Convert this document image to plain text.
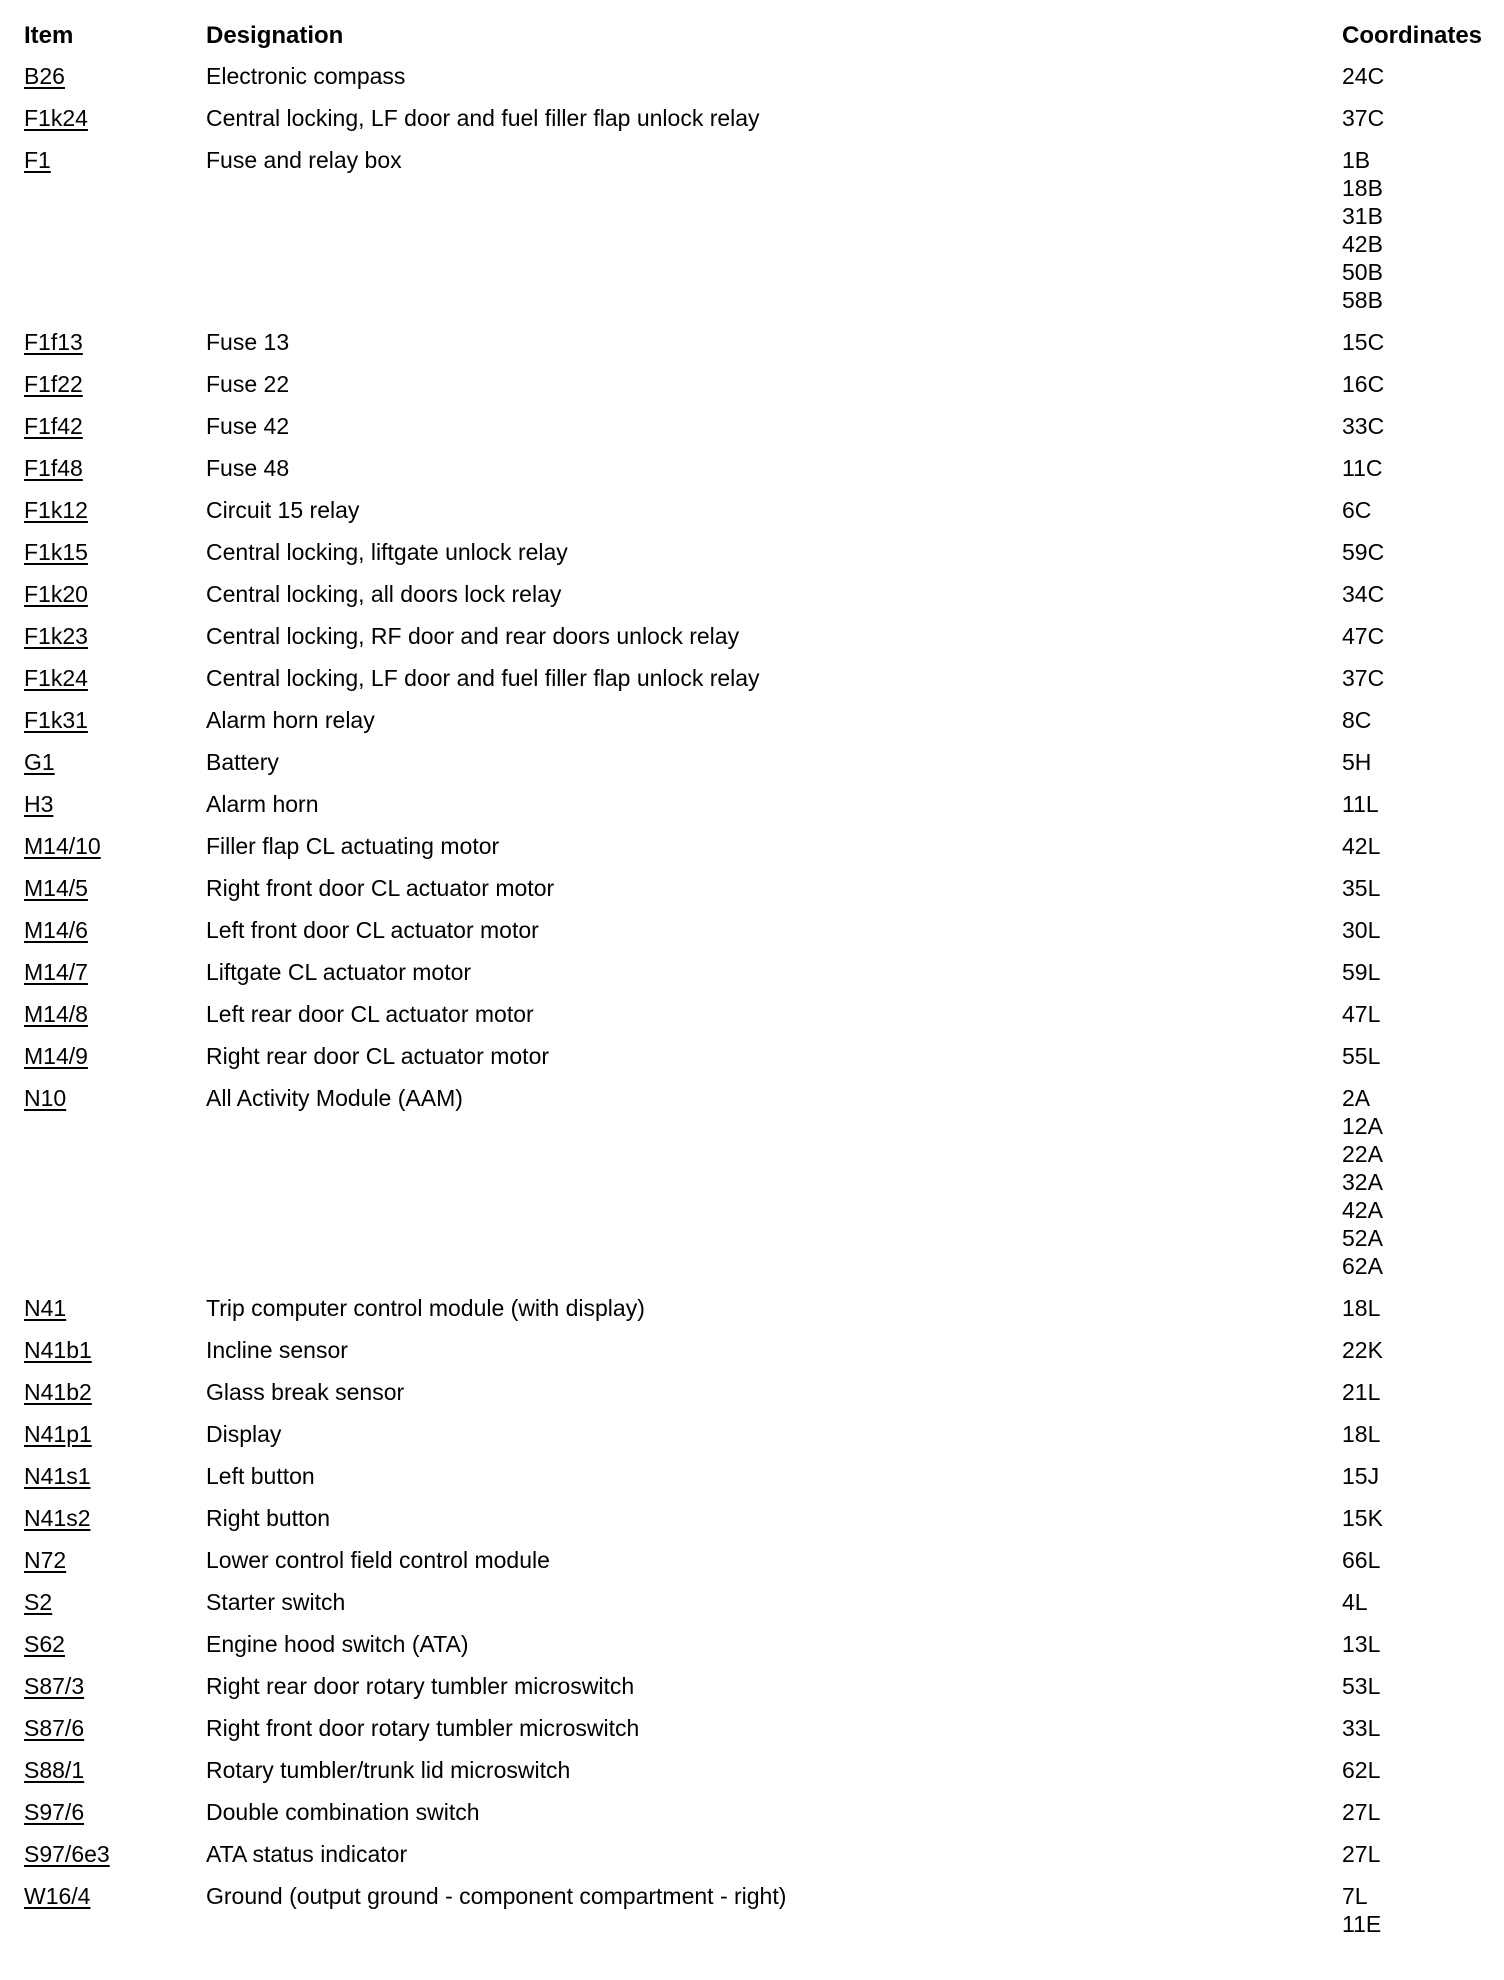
Item	Designation	Coordinates
B26	Electronic compass	24C
F1k24	Central locking, LF door and fuel filler flap unlock relay	37C
F1	Fuse and relay box	1B
18B
31B
42B
50B
58B
F1f13	Fuse 13	15C
F1f22	Fuse 22	16C
F1f42	Fuse 42	33C
F1f48	Fuse 48	11C
F1k12	Circuit 15 relay	6C
F1k15	Central locking, liftgate unlock relay	59C
F1k20	Central locking, all doors lock relay	34C
F1k23	Central locking, RF door and rear doors unlock relay	47C
F1k24	Central locking, LF door and fuel filler flap unlock relay	37C
F1k31	Alarm horn relay	8C
G1	Battery	5H
H3	Alarm horn	11L
M14/10	Filler flap CL actuating motor	42L
M14/5	Right front door CL actuator motor	35L
M14/6	Left front door CL actuator motor	30L
M14/7	Liftgate CL actuator motor	59L
M14/8	Left rear door CL actuator motor	47L
M14/9	Right rear door CL actuator motor	55L
N10	All Activity Module (AAM)	2A
12A
22A
32A
42A
52A
62A
N41	Trip computer control module (with display)	18L
N41b1	Incline sensor	22K
N41b2	Glass break sensor	21L
N41p1	Display	18L
N41s1	Left button	15J
N41s2	Right button	15K
N72	Lower control field control module	66L
S2	Starter switch	4L
S62	Engine hood switch (ATA)	13L
S87/3	Right rear door rotary tumbler microswitch	53L
S87/6	Right front door rotary tumbler microswitch	33L
S88/1	Rotary tumbler/trunk lid microswitch	62L
S97/6	Double combination switch	27L
S97/6e3	ATA status indicator	27L
W16/4	Ground (output ground - component compartment - right)	7L
11E
